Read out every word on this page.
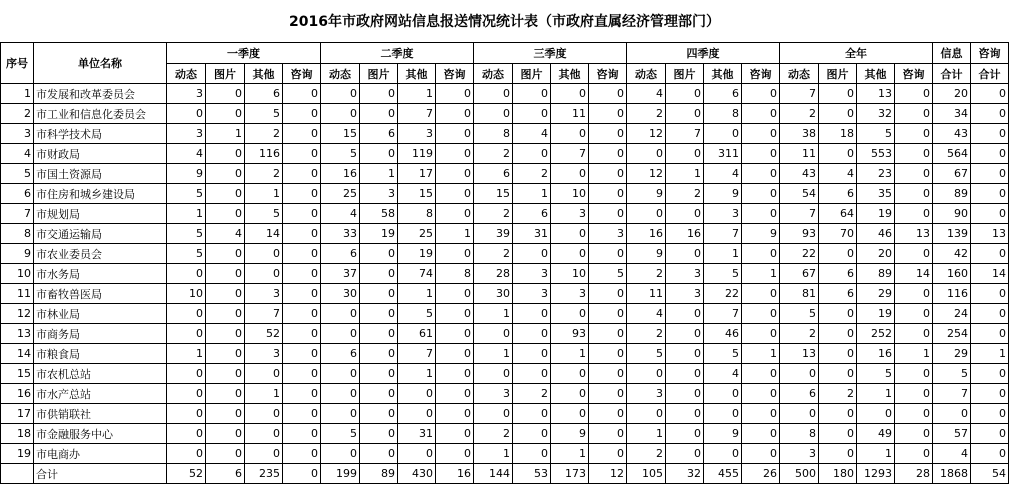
2016年市政府网站信息报送情况统计表（市政府直属经济管理部门）
序号	单位名称	一季度				二季度				三季度				四季度				全年				信息	咨询
		动态	图片	其他	咨询	动态	图片	其他	咨询	动态	图片	其他	咨询	动态	图片	其他	咨询	动态	图片	其他	咨询	合计	合计
1	市发展和改革委员会	3	0	6	0	0	0	1	0	0	0	0	0	4	0	6	0	7	0	13	0	20	0
2	市工业和信息化委员会	0	0	5	0	0	0	7	0	0	0	11	0	2	0	8	0	2	0	32	0	34	0
3	市科学技术局	3	1	2	0	15	6	3	0	8	4	0	0	12	7	0	0	38	18	5	0	43	0
4	市财政局	4	0	116	0	5	0	119	0	2	0	7	0	0	0	311	0	11	0	553	0	564	0
5	市国土资源局	9	0	2	0	16	1	17	0	6	2	0	0	12	1	4	0	43	4	23	0	67	0
6	市住房和城乡建设局	5	0	1	0	25	3	15	0	15	1	10	0	9	2	9	0	54	6	35	0	89	0
7	市规划局	1	0	5	0	4	58	8	0	2	6	3	0	0	0	3	0	7	64	19	0	90	0
8	市交通运输局	5	4	14	0	33	19	25	1	39	31	0	3	16	16	7	9	93	70	46	13	139	13
9	市农业委员会	5	0	0	0	6	0	19	0	2	0	0	0	9	0	1	0	22	0	20	0	42	0
10	市水务局	0	0	0	0	37	0	74	8	28	3	10	5	2	3	5	1	67	6	89	14	160	14
11	市畜牧兽医局	10	0	3	0	30	0	1	0	30	3	3	0	11	3	22	0	81	6	29	0	116	0
12	市林业局	0	0	7	0	0	0	5	0	1	0	0	0	4	0	7	0	5	0	19	0	24	0
13	市商务局	0	0	52	0	0	0	61	0	0	0	93	0	2	0	46	0	2	0	252	0	254	0
14	市粮食局	1	0	3	0	6	0	7	0	1	0	1	0	5	0	5	1	13	0	16	1	29	1
15	市农机总站	0	0	0	0	0	0	1	0	0	0	0	0	0	0	4	0	0	0	5	0	5	0
16	市水产总站	0	0	1	0	0	0	0	0	3	2	0	0	3	0	0	0	6	2	1	0	7	0
17	市供销联社	0	0	0	0	0	0	0	0	0	0	0	0	0	0	0	0	0	0	0	0	0	0
18	市金融服务中心	0	0	0	0	5	0	31	0	2	0	9	0	1	0	9	0	8	0	49	0	57	0
19	市电商办	0	0	0	0	0	0	0	0	1	0	1	0	2	0	0	0	3	0	1	0	4	0
	合计	52	6	235	0	199	89	430	16	144	53	173	12	105	32	455	26	500	180	1293	28	1868	54
